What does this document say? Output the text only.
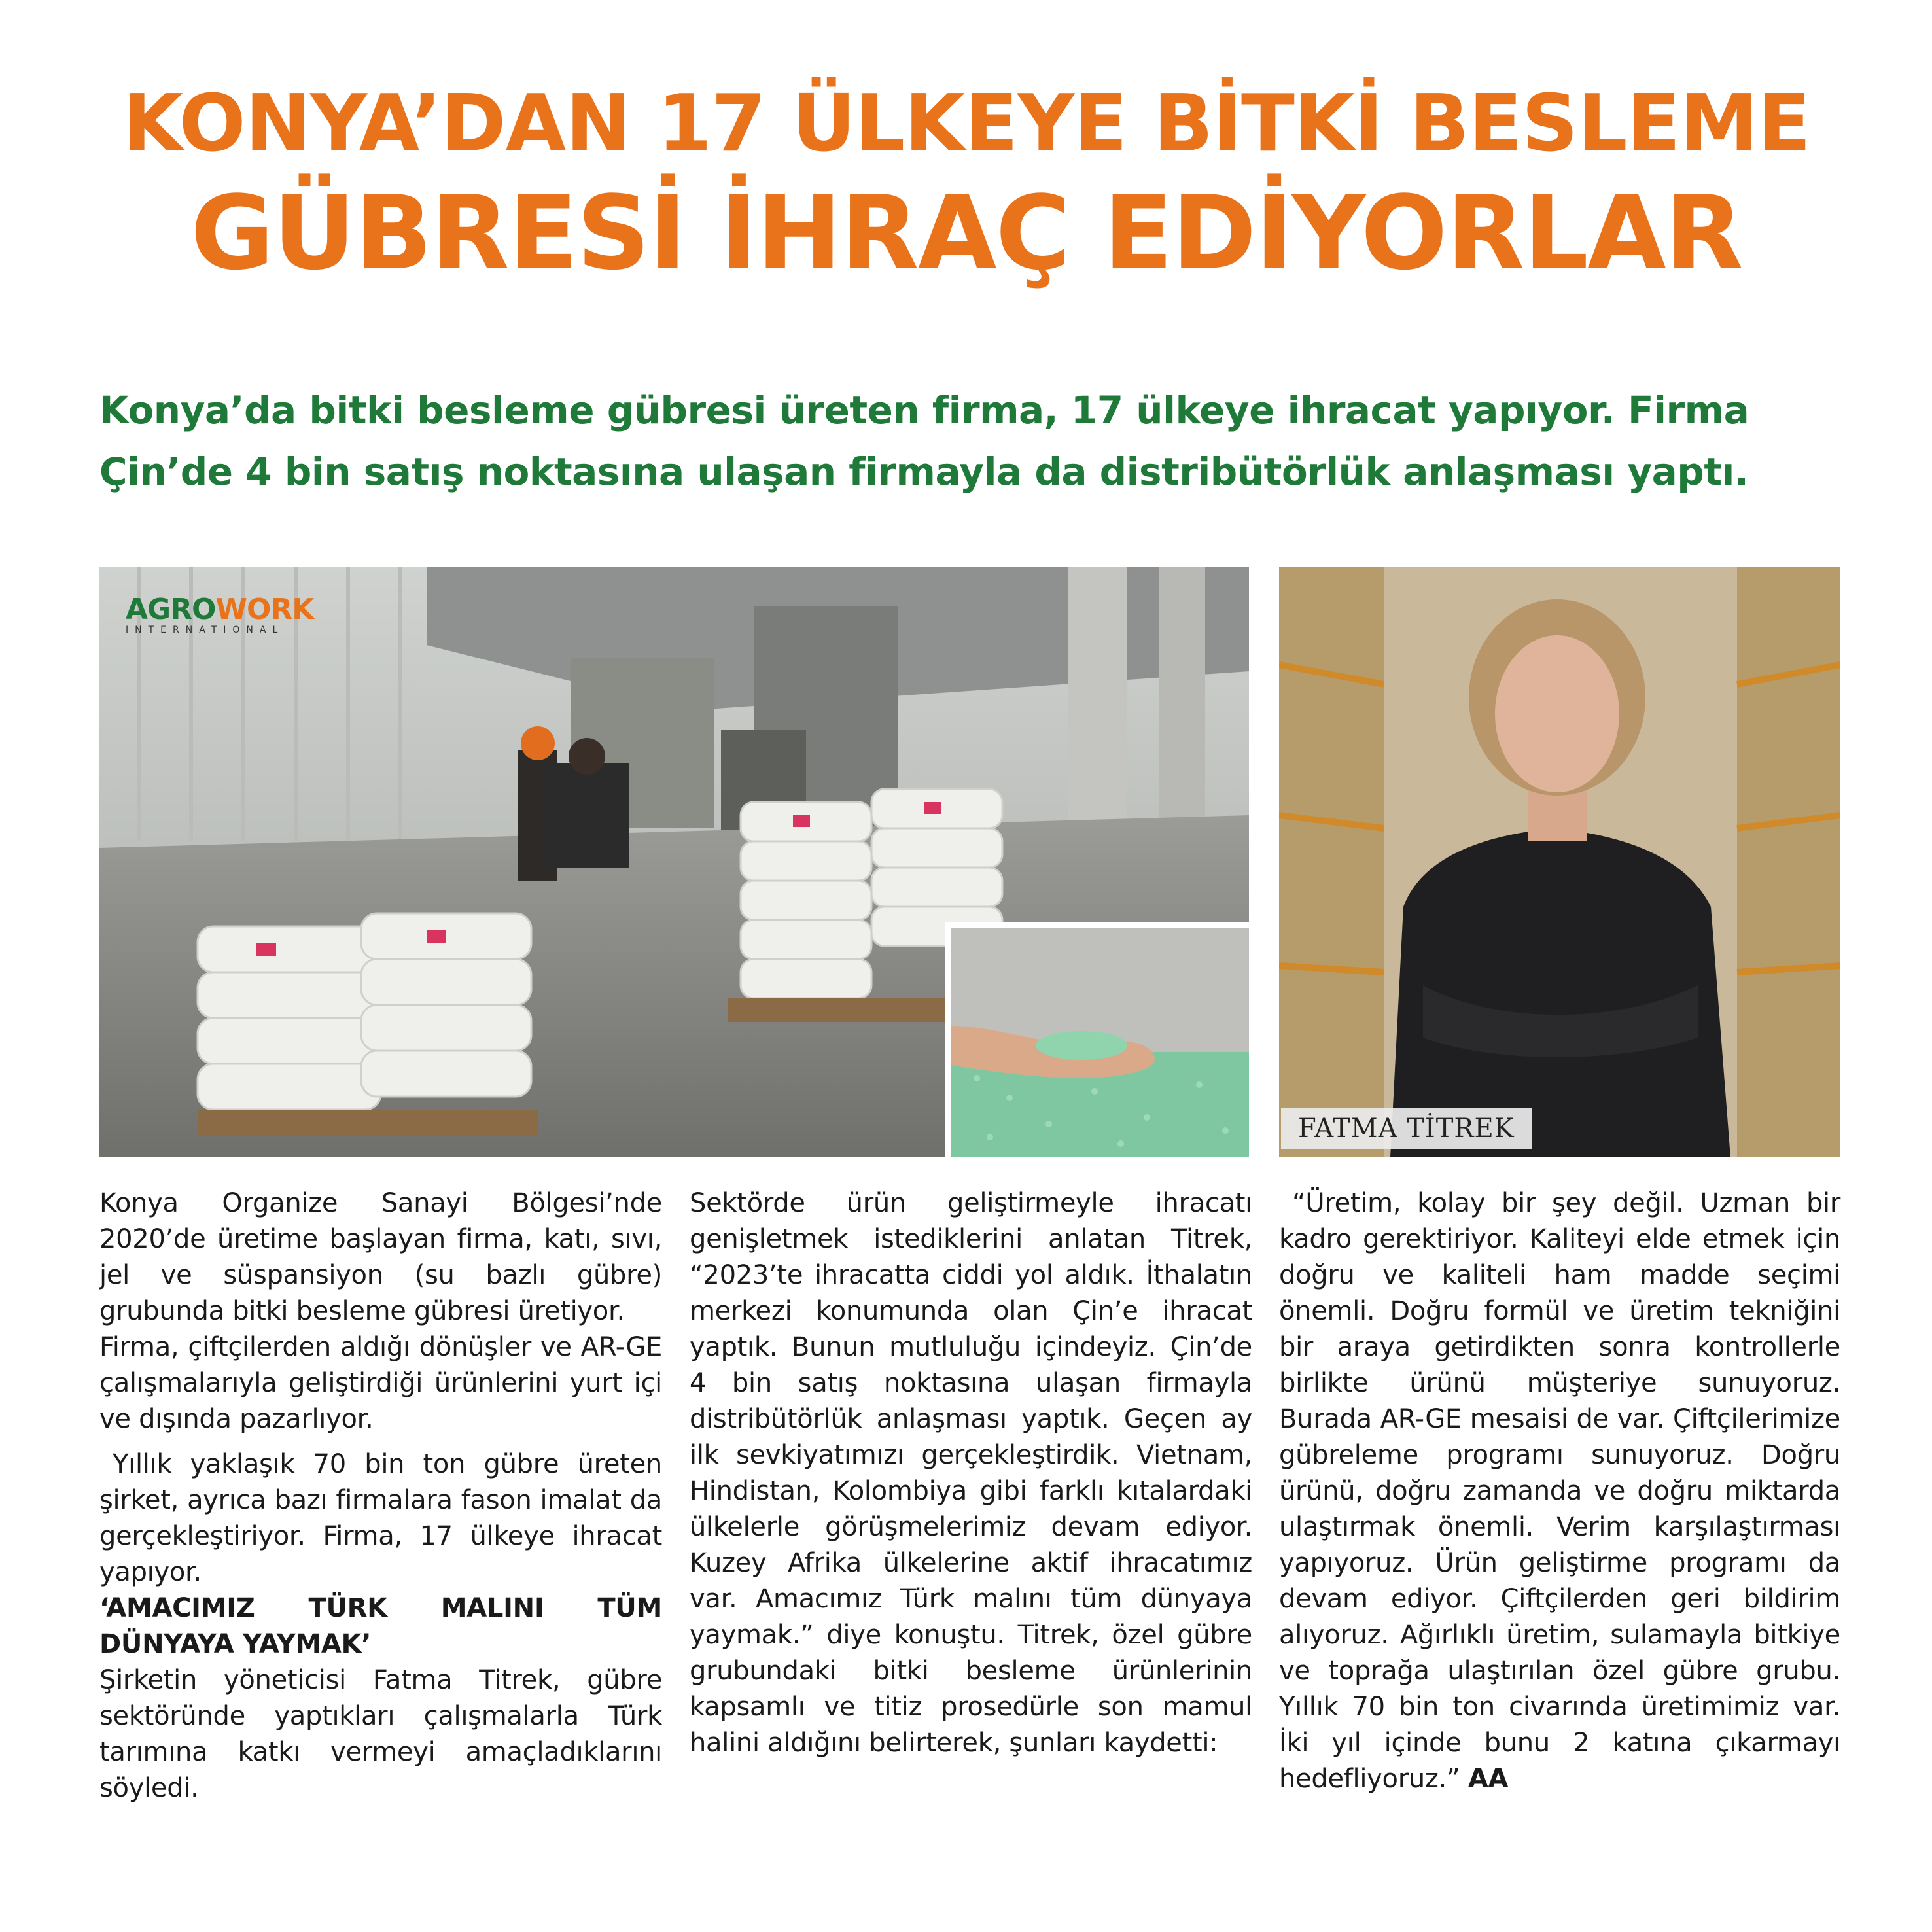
KONYA’DAN 17 ÜLKEYE BİTKİ BESLEME
GÜBRESİ İHRAÇ EDİYORLAR

Konya’da bitki besleme gübresi üreten firma, 17 ülkeye ihracat yapıyor. Firma Çin’de 4 bin satış noktasına ulaşan firmayla da distribütörlük anlaşması yaptı.

AGROWORK
INTERNATIONAL
FATMA TİTREK

Konya Organize Sanayi Bölgesi’nde 2020’de üretime başlayan firma, katı, sıvı, jel ve süspansiyon (su bazlı gübre) grubunda bitki besleme gübresi üretiyor.

Firma, çiftçilerden aldığı dönüşler ve AR-GE çalışmalarıyla geliştirdiği ürünlerini yurt içi ve dışında pazarlıyor.

Yıllık yaklaşık 70 bin ton gübre üreten şirket, ayrıca bazı firmalara fason imalat da gerçekleştiriyor. Firma, 17 ülkeye ihracat yapıyor.

‘AMACIMIZ TÜRK MALINI TÜM DÜNYAYA YAYMAK’

Şirketin yöneticisi Fatma Titrek, gübre sektöründe yaptıkları çalışmalarla Türk tarımına katkı vermeyi amaçladıklarını söyledi.

Sektörde ürün geliştirmeyle ihracatı genişletmek istediklerini anlatan Titrek, “2023’te ihracatta ciddi yol aldık. İthalatın merkezi konumunda olan Çin’e ihracat yaptık. Bunun mutluluğu içindeyiz. Çin’de 4 bin satış noktasına ulaşan firmayla distribütörlük anlaşması yaptık. Geçen ay ilk sevkiyatımızı gerçekleştirdik. Vietnam, Hindistan, Kolombiya gibi farklı kıtalardaki ülkelerle görüşmelerimiz devam ediyor. Kuzey Afrika ülkelerine aktif ihracatımız var. Amacımız Türk malını tüm dünyaya yaymak.” diye konuştu. Titrek, özel gübre grubundaki bitki besleme ürünlerinin kapsamlı ve titiz prosedürle son mamul halini aldığını belirterek, şunları kaydetti:

“Üretim, kolay bir şey değil. Uzman bir kadro gerektiriyor. Kaliteyi elde etmek için doğru ve kaliteli ham madde seçimi önemli. Doğru formül ve üretim tekniğini bir araya getirdikten sonra kontrollerle birlikte ürünü müşteriye sunuyoruz. Burada AR-GE mesaisi de var. Çiftçilerimize gübreleme programı sunuyoruz. Doğru ürünü, doğru zamanda ve doğru miktarda ulaştırmak önemli. Verim karşılaştırması yapıyoruz. Ürün geliştirme programı da devam ediyor. Çiftçilerden geri bildirim alıyoruz. Ağırlıklı üretim, sulamayla bitkiye ve toprağa ulaştırılan özel gübre grubu. Yıllık 70 bin ton civarında üretimimiz var. İki yıl içinde bunu 2 katına çıkarmayı hedefliyoruz.” AA
